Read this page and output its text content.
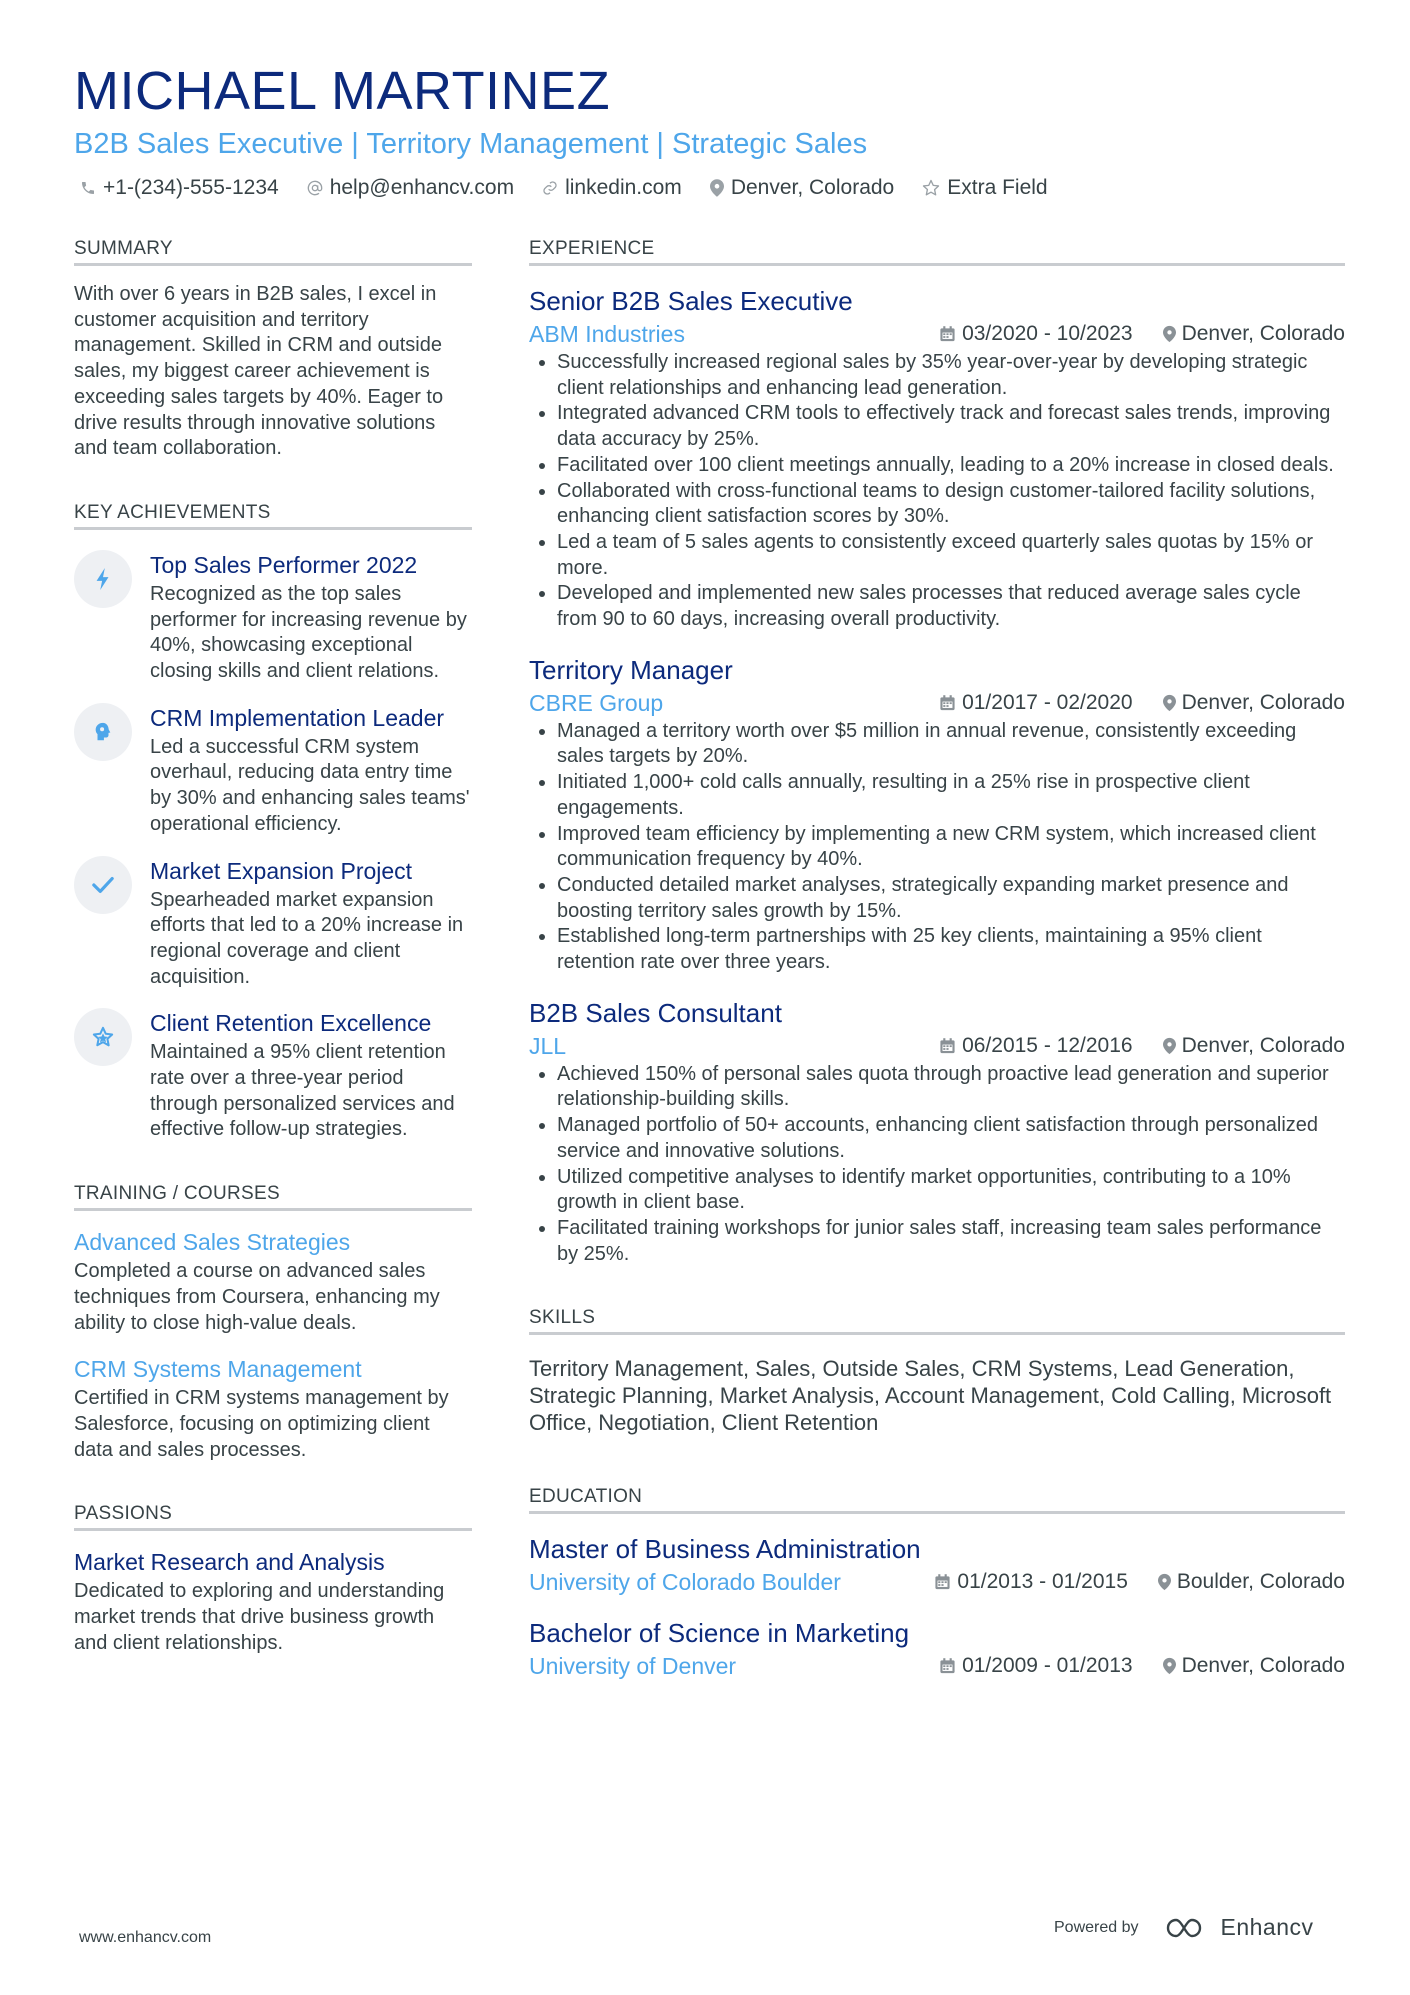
MICHAEL MARTINEZ
B2B Sales Executive | Territory Management | Strategic Sales
+1-(234)-555-1234 help@enhancv.com linkedin.com Denver, Colorado	Extra Field
SUMMARY
With over 6 years in B2B sales, I excel in customer acquisition and territory management. Skilled in CRM and outside sales, my biggest career achievement is exceeding sales targets by 40%. Eager to drive results through innovative solutions and team collaboration.
KEY ACHIEVEMENTS
Top Sales Performer 2022
Recognized as the top sales performer for increasing revenue by 40%, showcasing exceptional closing skills and client relations.
CRM Implementation Leader
Led a successful CRM system overhaul, reducing data entry time by 30% and enhancing sales teams' operational efficiency.
Market Expansion Project
Spearheaded market expansion efforts that led to a 20% increase in regional coverage and client acquisition.
Client Retention Excellence
Maintained a 95% client retention rate over a three-year period through personalized services and effective follow-up strategies.
TRAINING / COURSES
Advanced Sales Strategies
Completed a course on advanced sales techniques from Coursera, enhancing my ability to close high-value deals.
CRM Systems Management
Certified in CRM systems management by Salesforce, focusing on optimizing client data and sales processes.
PASSIONS
Market Research and Analysis
Dedicated to exploring and understanding market trends that drive business growth and client relationships.
EXPERIENCE
Senior B2B Sales Executive
ABM Industries	03/2020 - 10/2023 Denver, Colorado
• Successfully increased regional sales by 35% year-over-year by developing strategic client relationships and enhancing lead generation.
• Integrated advanced CRM tools to effectively track and forecast sales trends, improving data accuracy by 25%.
• Facilitated over 100 client meetings annually, leading to a 20% increase in closed deals.
• Collaborated with cross-functional teams to design customer-tailored facility solutions, enhancing client satisfaction scores by 30%.
• Led a team of 5 sales agents to consistently exceed quarterly sales quotas by 15% or more.
• Developed and implemented new sales processes that reduced average sales cycle from 90 to 60 days, increasing overall productivity.
Territory Manager
CBRE Group	01/2017 - 02/2020 Denver, Colorado
• Managed a territory worth over $5 million in annual revenue, consistently exceeding sales targets by 20%.
• Initiated 1,000+ cold calls annually, resulting in a 25% rise in prospective client engagements.
• Improved team efficiency by implementing a new CRM system, which increased client communication frequency by 40%.
• Conducted detailed market analyses, strategically expanding market presence and boosting territory sales growth by 15%.
• Established long-term partnerships with 25 key clients, maintaining a 95% client retention rate over three years.
B2B Sales Consultant
JLL	06/2015 - 12/2016 Denver, Colorado
• Achieved 150% of personal sales quota through proactive lead generation and superior relationship-building skills.
• Managed portfolio of 50+ accounts, enhancing client satisfaction through personalized service and innovative solutions.
• Utilized competitive analyses to identify market opportunities, contributing to a 10% growth in client base.
• Facilitated training workshops for junior sales staff, increasing team sales performance by 25%.
SKILLS
Territory Management, Sales, Outside Sales, CRM Systems, Lead Generation, Strategic Planning, Market Analysis, Account Management, Cold Calling, Microsoft Office, Negotiation, Client Retention
EDUCATION
Master of Business Administration
University of Colorado Boulder	01/2013 - 01/2015 Boulder, Colorado
Bachelor of Science in Marketing
University of Denver	01/2009 - 01/2013 Denver, Colorado
www.enhancv.com
Powered by	Enhancv
